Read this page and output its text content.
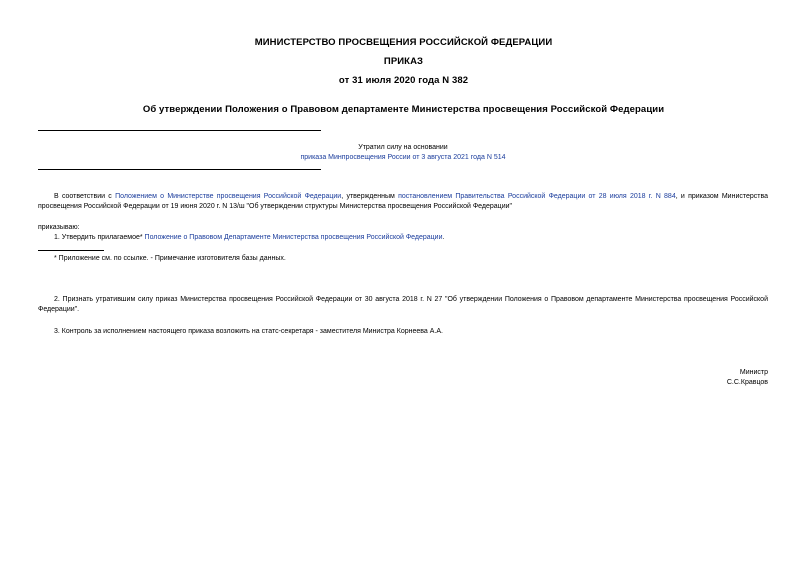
МИНИСТЕРСТВО ПРОСВЕЩЕНИЯ РОССИЙСКОЙ ФЕДЕРАЦИИ
ПРИКАЗ
от 31 июля 2020 года N 382
Об утверждении Положения о Правовом департаменте Министерства просвещения Российской Федерации
Утратил силу на основании
приказа Минпросвещения России от 3 августа 2021 года N 514
В соответствии с Положением о Министерстве просвещения Российской Федерации, утвержденным постановлением Правительства Российской Федерации от 28 июля 2018 г. N 884, и приказом Министерства просвещения Российской Федерации от 19 июня 2020 г. N 13/ш "Об утверждении структуры Министерства просвещения Российской Федерации"
приказываю:
1. Утвердить прилагаемое* Положение о Правовом Департаменте Министерства просвещения Российской Федерации.
* Приложение см. по ссылке. - Примечание изготовителя базы данных.
2. Признать утратившим силу приказ Министерства просвещения Российской Федерации от 30 августа 2018 г. N 27 "Об утверждении Положения о Правовом департаменте Министерства просвещения Российской Федерации".
3. Контроль за исполнением настоящего приказа возложить на статс-секретаря - заместителя Министра Корнеева А.А.
Министр
С.С.Кравцов
